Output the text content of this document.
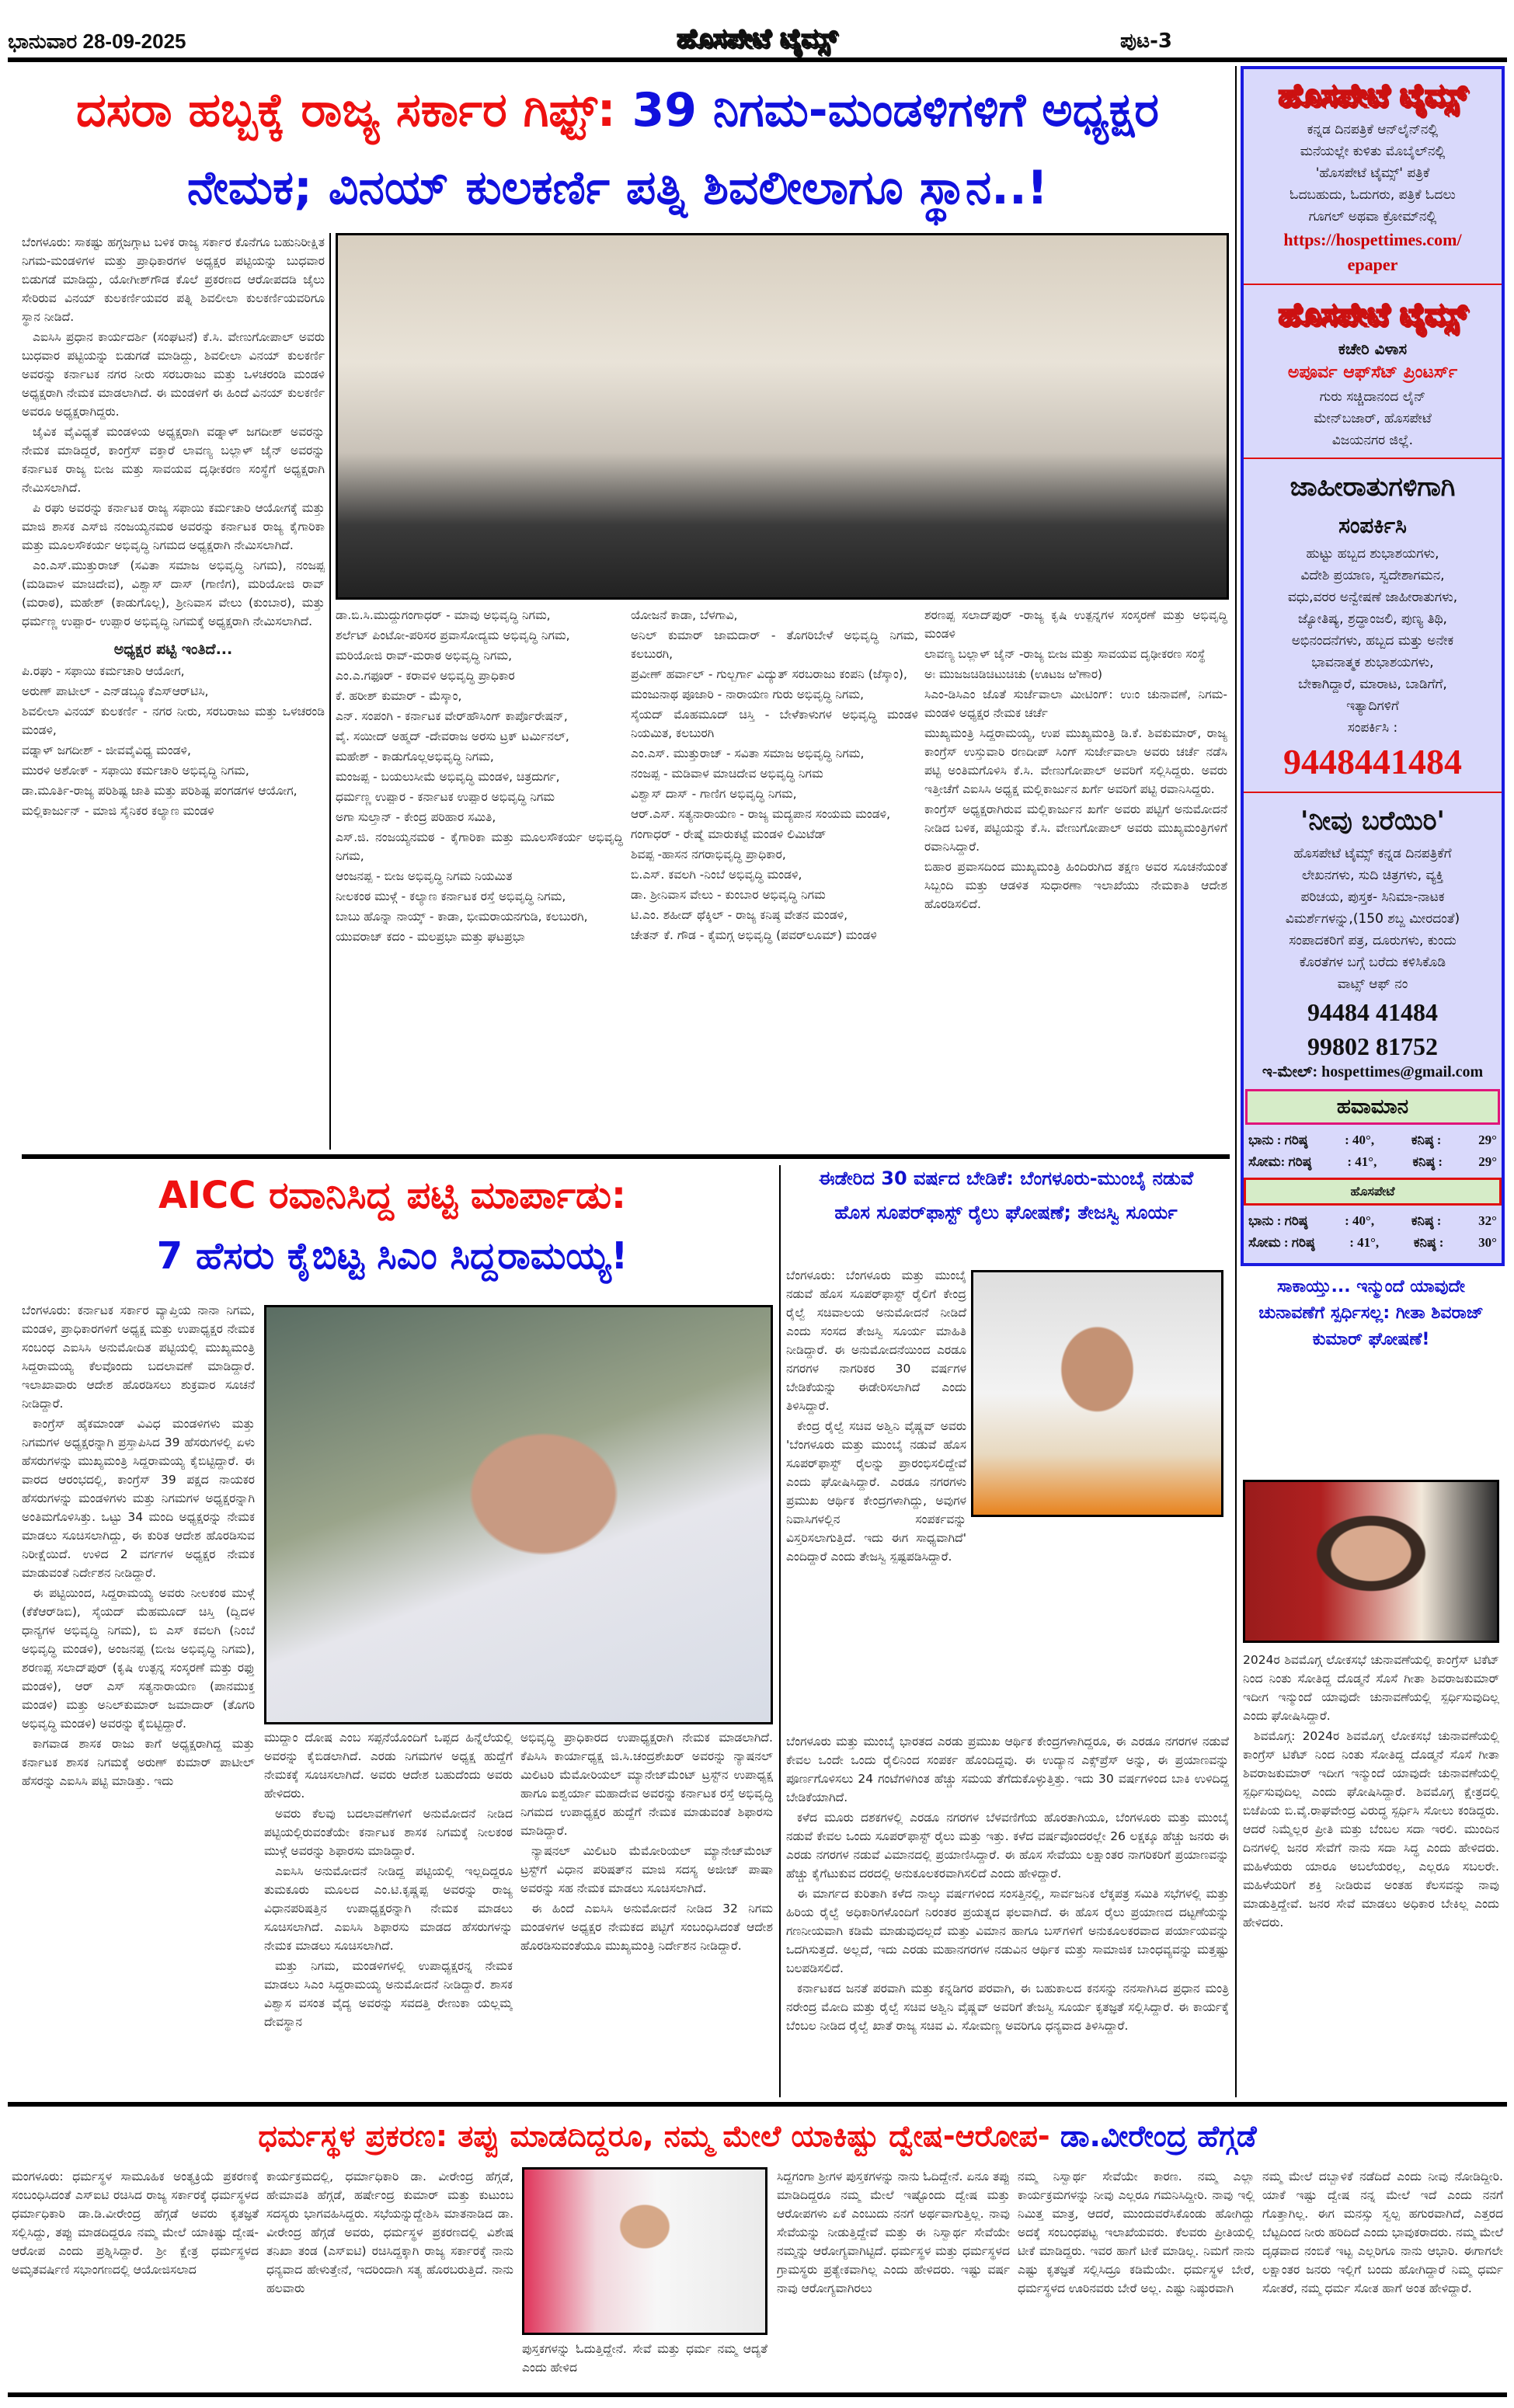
ಭಾನುವಾರ 28-09-2025	ಹೊಸಪೇಟೆ ಟೈಮ್ಸ್	ಪುಟ-3
ದಸರಾ ಹಬ್ಬಕ್ಕೆ ರಾಜ್ಯ ಸರ್ಕಾರ ಗಿಫ್ಟ್: 39 ನಿಗಮ-ಮಂಡಳಿಗಳಿಗೆ ಅಧ್ಯಕ್ಷರ
ನೇಮಕ; ವಿನಯ್ ಕುಲಕರ್ಣಿ ಪತ್ನಿ ಶಿವಲೀಲಾಗೂ ಸ್ಥಾನ..!

ಬೆಂಗಳೂರು: ಸಾಕಷ್ಟು ಹಗ್ಗಜಗ್ಗಾಟ ಬಳಿಕ ರಾಜ್ಯ ಸರ್ಕಾರ ಕೊನೆಗೂ ಬಹುನಿರೀಕ್ಷಿತ ನಿಗಮ-ಮಂಡಳಿಗಳ ಮತ್ತು ಪ್ರಾಧಿಕಾರಗಳ ಅಧ್ಯಕ್ಷರ ಪಟ್ಟಿಯನ್ನು ಬುಧವಾರ ಬಿಡುಗಡೆ ಮಾಡಿದ್ದು, ಯೋಗೀಶ್‌ಗೌಡ ಕೊಲೆ ಪ್ರಕರಣದ ಆರೋಪದಡಿ ಜೈಲು ಸೇರಿರುವ ವಿನಯ್ ಕುಲಕರ್ಣಿಯವರ ಪತ್ನಿ ಶಿವಲೀಲಾ ಕುಲಕರ್ಣಿಯವರಿಗೂ ಸ್ಥಾನ ನೀಡಿದೆ.

ಎಐಸಿಸಿ ಪ್ರಧಾನ ಕಾರ್ಯದರ್ಶಿ (ಸಂಘಟನೆ) ಕೆ.ಸಿ. ವೇಣುಗೋಪಾಲ್ ಅವರು ಬುಧವಾರ ಪಟ್ಟಿಯನ್ನು ಬಿಡುಗಡೆ ಮಾಡಿದ್ದು, ಶಿವಲೀಲಾ ವಿನಯ್ ಕುಲಕರ್ಣಿ ಅವರನ್ನು ಕರ್ನಾಟಕ ನಗರ ನೀರು ಸರಬರಾಜು ಮತ್ತು ಒಳಚರಂಡಿ ಮಂಡಳಿ ಅಧ್ಯಕ್ಷರಾಗಿ ನೇಮಕ ಮಾಡಲಾಗಿದೆ. ಈ ಮಂಡಳಿಗೆ ಈ ಹಿಂದೆ ವಿನಯ್ ಕುಲಕರ್ಣಿ ಅವರೂ ಅಧ್ಯಕ್ಷರಾಗಿದ್ದರು.

ಜೈವಿಕ ವೈವಿಧ್ಯತೆ ಮಂಡಳಿಯ ಅಧ್ಯಕ್ಷರಾಗಿ ವಡ್ನಾಳ್ ಜಗದೀಶ್ ಅವರನ್ನು ನೇಮಕ ಮಾಡಿದ್ದರೆ, ಕಾಂಗ್ರೆಸ್ ವಕ್ತಾರೆ ಲಾವಣ್ಯ ಬಲ್ಲಾಳ್ ಜೈನ್ ಅವರನ್ನು ಕರ್ನಾಟಕ ರಾಜ್ಯ ಬೀಜ ಮತ್ತು ಸಾವಯವ ದೃಢೀಕರಣ ಸಂಸ್ಥೆಗೆ ಅಧ್ಯಕ್ಷರಾಗಿ ನೇಮಿಸಲಾಗಿದೆ.

ಪಿ ರಘು ಅವರನ್ನು ಕರ್ನಾಟಕ ರಾಜ್ಯ ಸಫಾಯಿ ಕರ್ಮಚಾರಿ ಆಯೋಗಕ್ಕೆ ಮತ್ತು ಮಾಜಿ ಶಾಸಕ ಎಸ್‌ಜಿ ನಂಜಯ್ಯನಮಠ ಅವರನ್ನು ಕರ್ನಾಟಕ ರಾಜ್ಯ ಕೈಗಾರಿಕಾ ಮತ್ತು ಮೂಲಸೌಕರ್ಯ ಅಭಿವೃದ್ಧಿ ನಿಗಮದ ಅಧ್ಯಕ್ಷರಾಗಿ ನೇಮಿಸಲಾಗಿದೆ.

ಎಂ.ಎಸ್.ಮುತ್ತುರಾಜ್ (ಸವಿತಾ ಸಮಾಜ ಅಭಿವೃದ್ಧಿ ನಿಗಮ), ನಂಜಪ್ಪ (ಮಡಿವಾಳ ಮಾಚಿದೇವ), ವಿಶ್ವಾಸ್ ದಾಸ್ (ಗಾಣಿಗ), ಮರಿಯೋಜಿ ರಾವ್ (ಮರಾಠ), ಮಹೇಶ್ (ಕಾಡುಗೊಲ್ಲ), ಶ್ರೀನಿವಾಸ ವೇಲು (ಕುಂಬಾರ), ಮತ್ತು ಧರ್ಮಣ್ಣ ಉಪ್ಪಾರ- ಉಪ್ಪಾರ ಅಭಿವೃದ್ಧಿ ನಿಗಮಕ್ಕೆ ಅಧ್ಯಕ್ಷರಾಗಿ ನೇಮಿಸಲಾಗಿದೆ.

ಅಧ್ಯಕ್ಷರ ಪಟ್ಟಿ ಇಂತಿದೆ...

ಪಿ.ರಘು - ಸಫಾಯಿ ಕರ್ಮಚಾರಿ ಆಯೋಗ,

ಅರುಣ್ ಪಾಟೀಲ್ - ಎನ್‌ಡಬ್ಲ್ಯೂಕೆಎಸ್‌ಆರ್‌ಟಿಸಿ,

ಶಿವಲೀಲಾ ವಿನಯ್ ಕುಲಕರ್ಣಿ - ನಗರ ನೀರು, ಸರಬರಾಜು ಮತ್ತು ಒಳಚರಂಡಿ ಮಂಡಳಿ,

ವಡ್ನಾಳ್ ಜಗದೀಶ್ - ಜೀವವೈವಿಧ್ಯ ಮಂಡಳಿ,

ಮುರಳಿ ಅಶೋಕ್ - ಸಫಾಯಿ ಕರ್ಮಚಾರಿ ಅಭಿವೃದ್ಧಿ ನಿಗಮ,

ಡಾ.ಮೂರ್ತಿ-ರಾಜ್ಯ ಪರಿಶಿಷ್ಟ ಜಾತಿ ಮತ್ತು ಪರಿಶಿಷ್ಟ ಪಂಗಡಗಳ ಆಯೋಗ,

ಮಲ್ಲಿಕಾರ್ಜುನ್ - ಮಾಜಿ ಸೈನಿಕರ ಕಲ್ಯಾಣ ಮಂಡಳಿ

ಡಾ.ಬಿ.ಸಿ.ಮುದ್ದುಗಂಗಾಧರ್ - ಮಾವು ಅಭಿವೃದ್ಧಿ ನಿಗಮ,

ಶರ್ಲೆಟ್ ಪಿಂಟೋ-ಪರಿಸರ ಪ್ರವಾಸೋದ್ಯಮ ಅಭಿವೃದ್ಧಿ ನಿಗಮ,

ಮರಿಯೋಜಿ ರಾವ್-ಮರಾಠ ಅಭಿವೃದ್ಧಿ ನಿಗಮ,

ಎಂ.ಎ.ಗಫೂರ್ - ಕರಾವಳಿ ಅಭಿವೃದ್ಧಿ ಪ್ರಾಧಿಕಾರ

ಕೆ. ಹರೀಶ್ ಕುಮಾರ್ - ಮೆಸ್ಕಾಂ,

ಎನ್. ಸಂಪಂಗಿ - ಕರ್ನಾಟಕ ವೇರ್‌ಹೌಸಿಂಗ್ ಕಾರ್ಪೊರೇಷನ್,

ವೈ. ಸಯೀದ್ ಅಹ್ಮದ್ -ದೇವರಾಜ ಅರಸು ಟ್ರಕ್ ಟರ್ಮಿನಲ್,

ಮಹೇಶ್ - ಕಾಡುಗೊಲ್ಲಅಭಿವೃದ್ಧಿ ನಿಗಮ,

ಮಂಜಪ್ಪ - ಬಯಲುಸೀಮೆ ಅಭಿವೃದ್ಧಿ ಮಂಡಳಿ, ಚಿತ್ರದುರ್ಗ,

ಧರ್ಮಣ್ಣ ಉಪ್ಪಾರ - ಕರ್ನಾಟಕ ಉಪ್ಪಾರ ಅಭಿವೃದ್ಧಿ ನಿಗಮ

ಅಗಾ ಸುಲ್ತಾನ್ - ಕೇಂದ್ರ ಪರಿಹಾರ ಸಮಿತಿ,

ಎಸ್.ಜಿ. ನಂಜಯ್ಯನಮಠ - ಕೈಗಾರಿಕಾ ಮತ್ತು ಮೂಲಸೌಕರ್ಯ ಅಭಿವೃದ್ಧಿ ನಿಗಮ,

ಆಂಜನಪ್ಪ - ಬೀಜ ಅಭಿವೃದ್ಧಿ ನಿಗಮ ನಿಯಮಿತ

ನೀಲಕಂಠ ಮುಳ್ಗೆ - ಕಲ್ಯಾಣ ಕರ್ನಾಟಕ ರಸ್ತೆ ಅಭಿವೃದ್ಧಿ ನಿಗಮ,

ಬಾಬು ಹೊನ್ನಾ ನಾಯ್ಕ್ - ಕಾಡಾ, ಭೀಮರಾಯನಗುಡಿ, ಕಲಬುರಗಿ,

ಯುವರಾಜ್ ಕದಂ - ಮಲಪ್ರಭಾ ಮತ್ತು ಘಟಪ್ರಭಾ

ಯೋಜನೆ ಕಾಡಾ, ಬೆಳಗಾವಿ,

ಅನಿಲ್ ಕುಮಾರ್ ಜಾಮದಾರ್ - ತೊಗರಿಬೇಳೆ ಅಭಿವೃದ್ಧಿ ನಿಗಮ, ಕಲಬುರಗಿ,

ಪ್ರವೀಣ್ ಹರ್ವಾಲ್ - ಗುಲ್ಬರ್ಗಾ ವಿದ್ಯುತ್ ಸರಬರಾಜು ಕಂಪನಿ (ಜೆಸ್ಕಾಂ),

ಮಂಜುನಾಥ ಪೂಜಾರಿ - ನಾರಾಯಣ ಗುರು ಅಭಿವೃದ್ಧಿ ನಿಗಮ,

ಸೈಯದ್ ಮೊಹಮೂದ್ ಚಿಸ್ತಿ - ಬೇಳೆಕಾಳುಗಳ ಅಭಿವೃದ್ಧಿ ಮಂಡಳಿ ನಿಯಮಿತ, ಕಲಬುರಗಿ

ಎಂ.ಎಸ್. ಮುತ್ತುರಾಜ್ - ಸವಿತಾ ಸಮಾಜ ಅಭಿವೃದ್ಧಿ ನಿಗಮ,

ನಂಜಪ್ಪ - ಮಡಿವಾಳ ಮಾಚಿದೇವ ಅಭಿವೃದ್ಧಿ ನಿಗಮ

ವಿಶ್ವಾಸ್ ದಾಸ್ - ಗಾಣಿಗ ಅಭಿವೃದ್ಧಿ ನಿಗಮ,

ಆರ್.ಎಸ್. ಸತ್ಯನಾರಾಯಣ - ರಾಜ್ಯ ಮದ್ಯಪಾನ ಸಂಯಮ ಮಂಡಳಿ,

ಗಂಗಾಧರ್ - ರೇಷ್ಮೆ ಮಾರುಕಟ್ಟೆ ಮಂಡಳಿ ಲಿಮಿಟೆಡ್

ಶಿವಪ್ಪ -ಹಾಸನ ನಗರಾಭಿವೃದ್ಧಿ ಪ್ರಾಧಿಕಾರ,

ಬಿ.ಎಸ್. ಕವಲಗಿ -ನಿಂಬೆ ಅಭಿವೃದ್ಧಿ ಮಂಡಳಿ,

ಡಾ. ಶ್ರೀನಿವಾಸ ವೇಲು - ಕುಂಬಾರ ಅಭಿವೃದ್ಧಿ ನಿಗಮ

ಟಿ.ಎಂ. ಶಹೀದ್ ಥೆಕ್ಕಿಲ್ - ರಾಜ್ಯ ಕನಿಷ್ಠ ವೇತನ ಮಂಡಳಿ,

ಚೇತನ್ ಕೆ. ಗೌಡ - ಕೈಮಗ್ಗ ಅಭಿವೃದ್ಧಿ (ಪವರ್‌ಲೂಮ್) ಮಂಡಳಿ

ಶರಣಪ್ಪ ಸಲಾದ್‌ಪುರ್ -ರಾಜ್ಯ ಕೃಷಿ ಉತ್ಪನ್ನಗಳ ಸಂಸ್ಕರಣೆ ಮತ್ತು ಅಭಿವೃದ್ಧಿ ಮಂಡಳಿ

ಲಾವಣ್ಯ ಬಲ್ಲಾಳ್ ಜೈನ್ -ರಾಜ್ಯ ಬೀಜ ಮತ್ತು ಸಾವಯವ ದೃಢೀಕರಣ ಸಂಸ್ಥೆ

ಅಃ ಮುಜಜಚಿಡಿಚಿಟುಚಿಚು (ಊಟಜ ಱಿಣಾರ)

ಸಿಎಂ-ಡಿಸಿಎಂ ಜೊತೆ ಸುರ್ಜೆವಾಲಾ ಮೀಟಿಂಗ್: ಉಃಂ ಚುನಾವಣೆ, ನಿಗಮ-ಮಂಡಳಿ ಅಧ್ಯಕ್ಷರ ನೇಮಕ ಚರ್ಚೆ

ಮುಖ್ಯಮಂತ್ರಿ ಸಿದ್ದರಾಮಯ್ಯ, ಉಪ ಮುಖ್ಯಮಂತ್ರಿ ಡಿ.ಕೆ. ಶಿವಕುಮಾರ್, ರಾಜ್ಯ ಕಾಂಗ್ರೆಸ್ ಉಸ್ತುವಾರಿ ರಣದೀಪ್ ಸಿಂಗ್ ಸುರ್ಜೇವಾಲಾ ಅವರು ಚರ್ಚೆ ನಡೆಸಿ ಪಟ್ಟಿ ಅಂತಿಮಗೊಳಿಸಿ ಕೆ.ಸಿ. ವೇಣುಗೋಪಾಲ್ ಅವರಿಗೆ ಸಲ್ಲಿಸಿದ್ದರು. ಅವರು ಇತ್ತೀಚೆಗೆ ಎಐಸಿಸಿ ಅಧ್ಯಕ್ಷ ಮಲ್ಲಿಕಾರ್ಜುನ ಖರ್ಗೆ ಅವರಿಗೆ ಪಟ್ಟಿ ರವಾನಿಸಿದ್ದರು.

ಕಾಂಗ್ರೆಸ್ ಅಧ್ಯಕ್ಷರಾಗಿರುವ ಮಲ್ಲಿಕಾರ್ಜುನ ಖರ್ಗೆ ಅವರು ಪಟ್ಟಿಗೆ ಅನುಮೋದನೆ ನೀಡಿದ ಬಳಿಕ, ಪಟ್ಟಿಯನ್ನು ಕೆ.ಸಿ. ವೇಣುಗೋಪಾಲ್ ಅವರು ಮುಖ್ಯಮಂತ್ರಿಗಳಿಗೆ ರವಾನಿಸಿದ್ದಾರೆ.

ಬಿಹಾರ ಪ್ರವಾಸದಿಂದ ಮುಖ್ಯಮಂತ್ರಿ ಹಿಂದಿರುಗಿದ ತಕ್ಷಣ ಅವರ ಸೂಚನೆಯಂತೆ ಸಿಬ್ಬಂದಿ ಮತ್ತು ಆಡಳಿತ ಸುಧಾರಣಾ ಇಲಾಖೆಯು ನೇಮಕಾತಿ ಆದೇಶ ಹೊರಡಿಸಲಿದೆ.

AICC ರವಾನಿಸಿದ್ದ ಪಟ್ಟಿ ಮಾರ್ಪಾಡು:
7 ಹೆಸರು ಕೈಬಿಟ್ಟ ಸಿಎಂ ಸಿದ್ದರಾಮಯ್ಯ!

ಬೆಂಗಳೂರು: ಕರ್ನಾಟಕ ಸರ್ಕಾರ ವ್ಯಾಪ್ತಿಯ ನಾನಾ ನಿಗಮ, ಮಂಡಳಿ, ಪ್ರಾಧಿಕಾರಗಳಿಗೆ ಅಧ್ಯಕ್ಷ ಮತ್ತು ಉಪಾಧ್ಯಕ್ಷರ ನೇಮಕ ಸಂಬಂಧ ಎಐಸಿಸಿ ಅನುಮೋದಿತ ಪಟ್ಟಿಯಲ್ಲಿ ಮುಖ್ಯಮಂತ್ರಿ ಸಿದ್ದರಾಮಯ್ಯ ಕೆಲವೊಂದು ಬದಲಾವಣೆ ಮಾಡಿದ್ದಾರೆ. ಇಲಾಖಾವಾರು ಆದೇಶ ಹೊರಡಿಸಲು ಶುಕ್ರವಾರ ಸೂಚನೆ ನೀಡಿದ್ದಾರೆ.

ಕಾಂಗ್ರೆಸ್ ಹೈಕಮಾಂಡ್ ವಿವಿಧ ಮಂಡಳಿಗಳು ಮತ್ತು ನಿಗಮಗಳ ಅಧ್ಯಕ್ಷರನ್ನಾಗಿ ಪ್ರಸ್ತಾಪಿಸಿದ 39 ಹೆಸರುಗಳಲ್ಲಿ ಏಳು ಹೆಸರುಗಳನ್ನು ಮುಖ್ಯಮಂತ್ರಿ ಸಿದ್ದರಾಮಯ್ಯ ಕೈಬಿಟ್ಟಿದ್ದಾರೆ. ಈ ವಾರದ ಆರಂಭದಲ್ಲಿ, ಕಾಂಗ್ರೆಸ್ 39 ಪಕ್ಷದ ನಾಯಕರ ಹೆಸರುಗಳನ್ನು ಮಂಡಳಿಗಳು ಮತ್ತು ನಿಗಮಗಳ ಅಧ್ಯಕ್ಷರನ್ನಾಗಿ ಅಂತಿಮಗೊಳಿಸಿತ್ತು. ಒಟ್ಟು 34 ಮಂದಿ ಅಧ್ಯಕ್ಷರನ್ನು ನೇಮಕ ಮಾಡಲು ಸೂಚಿಸಲಾಗಿದ್ದು, ಈ ಕುರಿತ ಆದೇಶ ಹೊರಡಿಸುವ ನಿರೀಕ್ಷೆಯಿದೆ. ಉಳಿದ 2 ವರ್ಗಗಳ ಅಧ್ಯಕ್ಷರ ನೇಮಕ ಮಾಡುವಂತೆ ನಿರ್ದೇಶನ ನೀಡಿದ್ದಾರೆ.

ಈ ಪಟ್ಟಿಯಿಂದ, ಸಿದ್ದರಾಮಯ್ಯ ಅವರು ನೀಲಕಂಠ ಮುಳ್ಗೆ (ಕೆಕೆಆರ್‌ಡಿಬಿ), ಸೈಯದ್ ಮೆಹಮೂದ್ ಚಿಸ್ತಿ (ದ್ವಿದಳ ಧಾನ್ಯಗಳ ಅಭಿವೃದ್ಧಿ ನಿಗಮ), ಬಿ ಎಸ್ ಕವಲಗಿ (ನಿಂಬೆ ಅಭಿವೃದ್ಧಿ ಮಂಡಳಿ), ಅಂಜನಪ್ಪ (ಬೀಜ ಅಭಿವೃದ್ಧಿ ನಿಗಮ), ಶರಣಪ್ಪ ಸಲಾದ್‌ಪುರ್ (ಕೃಷಿ ಉತ್ಪನ್ನ ಸಂಸ್ಕರಣೆ ಮತ್ತು ರಫ್ತು ಮಂಡಳಿ), ಆರ್ ಎಸ್ ಸತ್ಯನಾರಾಯಣ (ಪಾನಮುಕ್ತ ಮಂಡಳಿ) ಮತ್ತು ಅನಿಲ್‌ಕುಮಾರ್ ಜಮಾದಾರ್ (ತೊಗರಿ ಅಭಿವೃದ್ಧಿ ಮಂಡಳಿ) ಅವರನ್ನು ಕೈಬಿಟ್ಟಿದ್ದಾರೆ.

ಕಾಗವಾಡ ಶಾಸಕ ರಾಜು ಕಾಗೆ ಅಧ್ಯಕ್ಷರಾಗಿದ್ದ ಮತ್ತು ಕರ್ನಾಟಕ ಶಾಸಕ ನಿಗಮಕ್ಕೆ ಅರುಣ್ ಕುಮಾರ್ ಪಾಟೀಲ್ ಹೆಸರನ್ನು ಎಐಸಿಸಿ ಪಟ್ಟಿ ಮಾಡಿತ್ತು. ಇದು

ಮುದ್ದಾಂ ದೋಷ ಎಂಬ ಸಪ್ಪನೆಯೊಂದಿಗೆ ಒಪ್ಪದ ಹಿನ್ನೆಲೆಯಲ್ಲಿ ಅವರನ್ನು ಕೈಬಿಡಲಾಗಿದೆ. ಎರಡು ನಿಗಮಗಳ ಅಧ್ಯಕ್ಷ ಹುದ್ದೆಗೆ ನೇಮಕಕ್ಕೆ ಸೂಚಿಸಲಾಗಿದೆ. ಅವರು ಆದೇಶ ಬಹುದೆಂದು ಅವರು ಹೇಳಿದರು.

ಅವರು ಕೆಲವು ಬದಲಾವಣೆಗಳಿಗೆ ಅನುಮೋದನೆ ನೀಡಿದ ಪಟ್ಟಿಯಲ್ಲಿರುವಂತೆಯೇ ಕರ್ನಾಟಕ ಶಾಸಕ ನಿಗಮಕ್ಕೆ ನೀಲಕಂಠ ಮುಳ್ಗೆ ಅವರನ್ನು ಶಿಫಾರಸು ಮಾಡಿದ್ದಾರೆ.

ಎಐಸಿಸಿ ಅನುಮೋದನೆ ನೀಡಿದ್ದ ಪಟ್ಟಿಯಲ್ಲಿ ಇಲ್ಲದಿದ್ದರೂ ತುಮಕೂರು ಮೂಲದ ಎಂ.ಟಿ.ಕೃಷ್ಣಪ್ಪ ಅವರನ್ನು ರಾಜ್ಯ ವಿಧಾನಪರಿಷತ್ತಿನ ಉಪಾಧ್ಯಕ್ಷರನ್ನಾಗಿ ನೇಮಕ ಮಾಡಲು ಸೂಚಿಸಲಾಗಿದೆ. ಎಐಸಿಸಿ ಶಿಫಾರಸು ಮಾಡದ ಹೆಸರುಗಳನ್ನು ನೇಮಕ ಮಾಡಲು ಸೂಚಿಸಲಾಗಿದೆ.

ಮತ್ತು ನಿಗಮ, ಮಂಡಳಿಗಳಲ್ಲಿ ಉಪಾಧ್ಯಕ್ಷರನ್ನ ನೇಮಕ ಮಾಡಲು ಸಿಎಂ ಸಿದ್ದರಾಮಯ್ಯ ಅನುಮೋದನೆ ನೀಡಿದ್ದಾರೆ. ಶಾಸಕ ವಿಶ್ವಾಸ ವಸಂತ ವೈದ್ಯ ಅವರನ್ನು ಸವದತ್ತಿ ರೇಣುಕಾ ಯಲ್ಲಮ್ಮ ದೇವಸ್ಥಾನ

ಅಭಿವೃದ್ಧಿ ಪ್ರಾಧಿಕಾರದ ಉಪಾಧ್ಯಕ್ಷರಾಗಿ ನೇಮಕ ಮಾಡಲಾಗಿದೆ. ಕೆಪಿಸಿಸಿ ಕಾರ್ಯಾಧ್ಯಕ್ಷ ಜಿ.ಸಿ.ಚಂದ್ರಶೇಖರ್ ಅವರನ್ನು ನ್ಯಾಷನಲ್ ಮಿಲಿಟರಿ ಮೆಮೋರಿಯಲ್ ಮ್ಯಾನೇಜ್‌ಮೆಂಟ್ ಟ್ರಸ್ಟ್‌ನ ಉಪಾಧ್ಯಕ್ಷ ಹಾಗೂ ಐಶ್ವರ್ಯಾ ಮಹಾದೇವ ಅವರನ್ನು ಕರ್ನಾಟಕ ರಸ್ತೆ ಅಭಿವೃದ್ಧಿ ನಿಗಮದ ಉಪಾಧ್ಯಕ್ಷರ ಹುದ್ದೆಗೆ ನೇಮಕ ಮಾಡುವಂತೆ ಶಿಫಾರಸು ಮಾಡಿದ್ದಾರೆ.

ನ್ಯಾಷನಲ್ ಮಿಲಿಟರಿ ಮೆಮೋರಿಯಲ್ ಮ್ಯಾನೇಜ್‌ಮೆಂಟ್ ಟ್ರಸ್ಟ್‌ಗೆ ವಿಧಾನ ಪರಿಷತ್‌ನ ಮಾಜಿ ಸದಸ್ಯ ಅಜೀಜ್ ಪಾಷಾ ಅವರನ್ನು ಸಹ ನೇಮಕ ಮಾಡಲು ಸೂಚಿಸಲಾಗಿದೆ.

ಈ ಹಿಂದೆ ಎಐಸಿಸಿ ಅನುಮೋದನೆ ನೀಡಿದ 32 ನಿಗಮ ಮಂಡಳಿಗಳ ಅಧ್ಯಕ್ಷರ ನೇಮಕದ ಪಟ್ಟಿಗೆ ಸಂಬಂಧಿಸಿದಂತೆ ಆದೇಶ ಹೊರಡಿಸುವಂತೆಯೂ ಮುಖ್ಯಮಂತ್ರಿ ನಿರ್ದೇಶನ ನೀಡಿದ್ದಾರೆ.

ಈಡೇರಿದ 30 ವರ್ಷದ ಬೇಡಿಕೆ: ಬೆಂಗಳೂರು-ಮುಂಬೈ ನಡುವೆ
ಹೊಸ ಸೂಪರ್‌ಫಾಸ್ಟ್ ರೈಲು ಘೋಷಣೆ; ತೇಜಸ್ವಿ ಸೂರ್ಯ

ಬೆಂಗಳೂರು: ಬೆಂಗಳೂರು ಮತ್ತು ಮುಂಬೈ ನಡುವೆ ಹೊಸ ಸೂಪರ್‌ಫಾಸ್ಟ್ ರೈಲಿಗೆ ಕೇಂದ್ರ ರೈಲ್ವೆ ಸಚಿವಾಲಯ ಅನುಮೋದನೆ ನೀಡಿದೆ ಎಂದು ಸಂಸದ ತೇಜಸ್ವಿ ಸೂರ್ಯ ಮಾಹಿತಿ ನೀಡಿದ್ದಾರೆ. ಈ ಅನುಮೋದನೆಯಿಂದ ಎರಡೂ ನಗರಗಳ ನಾಗರಿಕರ 30 ವರ್ಷಗಳ ಬೇಡಿಕೆಯನ್ನು ಈಡೇರಿಸಲಾಗಿದೆ ಎಂದು ತಿಳಿಸಿದ್ದಾರೆ.

ಕೇಂದ್ರ ರೈಲ್ವೆ ಸಚಿವ ಅಶ್ವಿನಿ ವೈಷ್ಣವ್ ಅವರು 'ಬೆಂಗಳೂರು ಮತ್ತು ಮುಂಬೈ ನಡುವೆ ಹೊಸ ಸೂಪರ್‌ಫಾಸ್ಟ್ ರೈಲನ್ನು ಪ್ರಾರಂಭಿಸಲಿದ್ದೇವೆ ಎಂದು ಘೋಷಿಸಿದ್ದಾರೆ. ಎರಡೂ ನಗರಗಳು ಪ್ರಮುಖ ಆರ್ಥಿಕ ಕೇಂದ್ರಗಳಾಗಿದ್ದು, ಅವುಗಳ ನಿವಾಸಿಗಳಲ್ಲಿನ ಸಂಪರ್ಕವನ್ನು ವಿಸ್ತರಿಸಲಾಗುತ್ತಿದೆ. ಇದು ಈಗ ಸಾಧ್ಯವಾಗಿದೆ' ಎಂದಿದ್ದಾರೆ ಎಂದು ತೇಜಸ್ವಿ ಸ್ಪಷ್ಟಪಡಿಸಿದ್ದಾರೆ.

ಬೆಂಗಳೂರು ಮತ್ತು ಮುಂಬೈ ಭಾರತದ ಎರಡು ಪ್ರಮುಖ ಆರ್ಥಿಕ ಕೇಂದ್ರಗಳಾಗಿದ್ದರೂ, ಈ ಎರಡೂ ನಗರಗಳ ನಡುವೆ ಕೇವಲ ಒಂದೇ ಒಂದು ರೈಲಿನಿಂದ ಸಂಪರ್ಕ ಹೊಂದಿದ್ದವು. ಈ ಉದ್ಯಾನ ಎಕ್ಸ್‌ಪ್ರೆಸ್ ಅನ್ನು, ಈ ಪ್ರಯಾಣವನ್ನು ಪೂರ್ಣಗೊಳಿಸಲು 24 ಗಂಟೆಗಳಿಗಿಂತ ಹೆಚ್ಚು ಸಮಯ ತೆಗೆದುಕೊಳ್ಳುತ್ತಿತ್ತು. ಇದು 30 ವರ್ಷಗಳಿಂದ ಬಾಕಿ ಉಳಿದಿದ್ದ ಬೇಡಿಕೆಯಾಗಿದೆ.

ಕಳೆದ ಮೂರು ದಶಕಗಳಲ್ಲಿ ಎರಡೂ ನಗರಗಳ ಬೆಳವಣಿಗೆಯ ಹೊರತಾಗಿಯೂ, ಬೆಂಗಳೂರು ಮತ್ತು ಮುಂಬೈ ನಡುವೆ ಕೇವಲ ಒಂದು ಸೂಪರ್‌ಫಾಸ್ಟ್ ರೈಲು ಮತ್ತು ಇತ್ತು. ಕಳೆದ ವರ್ಷವೊಂದರಲ್ಲೇ 26 ಲಕ್ಷಕ್ಕೂ ಹೆಚ್ಚು ಜನರು ಈ ಎರಡು ನಗರಗಳ ನಡುವೆ ವಿಮಾನದಲ್ಲಿ ಪ್ರಯಾಣಿಸಿದ್ದಾರೆ. ಈ ಹೊಸ ಸೇವೆಯು ಲಕ್ಷಾಂತರ ನಾಗರಿಕರಿಗೆ ಪ್ರಯಾಣವನ್ನು ಹೆಚ್ಚು ಕೈಗೆಟುಕುವ ದರದಲ್ಲಿ ಅನುಕೂಲಕರವಾಗಿಸಲಿದೆ ಎಂದು ಹೇಳಿದ್ದಾರೆ.

ಈ ಮಾರ್ಗದ ಕುರಿತಾಗಿ ಕಳೆದ ನಾಲ್ಕು ವರ್ಷಗಳಿಂದ ಸಂಸತ್ತಿನಲ್ಲಿ, ಸಾರ್ವಜನಿಕ ಲೆಕ್ಕಪತ್ರ ಸಮಿತಿ ಸಭೆಗಳಲ್ಲಿ ಮತ್ತು ಹಿರಿಯ ರೈಲ್ವೆ ಅಧಿಕಾರಿಗಳೊಂದಿಗೆ ನಿರಂತರ ಪ್ರಯತ್ನದ ಫಲವಾಗಿದೆ. ಈ ಹೊಸ ರೈಲು ಪ್ರಯಾಣದ ದಟ್ಟಣೆಯನ್ನು ಗಣನೀಯವಾಗಿ ಕಡಿಮೆ ಮಾಡುವುದಲ್ಲದೆ ಮತ್ತು ವಿಮಾನ ಹಾಗೂ ಬಸ್‌ಗಳಿಗೆ ಅನುಕೂಲಕರವಾದ ಪರ್ಯಾಯವನ್ನು ಒದಗಿಸುತ್ತದೆ. ಅಲ್ಲದೆ, ಇದು ಎರಡು ಮಹಾನಗರಗಳ ನಡುವಿನ ಆರ್ಥಿಕ ಮತ್ತು ಸಾಮಾಜಿಕ ಬಾಂಧವ್ಯವನ್ನು ಮತ್ತಷ್ಟು ಬಲಪಡಿಸಲಿದೆ.

ಕರ್ನಾಟಕದ ಜನತೆ ಪರವಾಗಿ ಮತ್ತು ಕನ್ನಡಿಗರ ಪರವಾಗಿ, ಈ ಬಹುಕಾಲದ ಕನಸನ್ನು ನನಸಾಗಿಸಿದ ಪ್ರಧಾನ ಮಂತ್ರಿ ನರೇಂದ್ರ ಮೋದಿ ಮತ್ತು ರೈಲ್ವೆ ಸಚಿವ ಅಶ್ವಿನಿ ವೈಷ್ಣವ್ ಅವರಿಗೆ ತೇಜಸ್ವಿ ಸೂರ್ಯ ಕೃತಜ್ಞತೆ ಸಲ್ಲಿಸಿದ್ದಾರೆ. ಈ ಕಾರ್ಯಕ್ಕೆ ಬೆಂಬಲ ನೀಡಿದ ರೈಲ್ವೆ ಖಾತೆ ರಾಜ್ಯ ಸಚಿವ ವಿ. ಸೋಮಣ್ಣ ಅವರಿಗೂ ಧನ್ಯವಾದ ತಿಳಿಸಿದ್ದಾರೆ.

ಹೊಸಪೇಟೆ ಟೈಮ್ಸ್
ಕನ್ನಡ ದಿನಪತ್ರಿಕೆ ಆನ್‌ಲೈನ್‌ನಲ್ಲಿ
ಮನೆಯಲ್ಲೇ ಕುಳಿತು ಮೊಬೈಲ್‌ನಲ್ಲಿ
'ಹೊಸಪೇಟೆ ಟೈಮ್ಸ್' ಪತ್ರಿಕೆ
ಓದಬಹುದು, ಓದುಗರು, ಪತ್ರಿಕೆ ಓದಲು
ಗೂಗಲ್ ಅಥವಾ ಕ್ರೋಮ್‌ನಲ್ಲಿ
https://hospettimes.com/
epaper
ಹೊಸಪೇಟೆ ಟೈಮ್ಸ್
ಕಚೇರಿ ವಿಳಾಸ
ಅಪೂರ್ವ ಆಫ್‌ಸೆಟ್ ಪ್ರಿಂಟರ್ಸ್
ಗುರು ಸಚ್ಚಿದಾನಂದ ಲೈನ್
ಮೇನ್‌ಬಜಾರ್, ಹೊಸಪೇಟೆ
ವಿಜಯನಗರ ಜಿಲ್ಲೆ.
ಜಾಹೀರಾತುಗಳಿಗಾಗಿ
ಸಂಪರ್ಕಿಸಿ
ಹುಟ್ಟು ಹಬ್ಬದ ಶುಭಾಶಯಗಳು,
ವಿದೇಶಿ ಪ್ರಯಾಣ, ಸ್ವದೇಶಾಗಮನ,
ವಧು,ವರರ ಅನ್ವೇಷಣೆ ಜಾಹೀರಾತುಗಳು,
ಜ್ಯೋತಿಷ್ಯ, ಶ್ರದ್ಧಾಂಜಲಿ, ಪುಣ್ಯ ತಿಥಿ,
ಅಭಿನಂದನೆಗಳು, ಹಬ್ಬದ ಮತ್ತು ಅನೇಕ
ಭಾವನಾತ್ಮಕ ಶುಭಾಶಯಗಳು,
ಬೇಕಾಗಿದ್ದಾರೆ, ಮಾರಾಟ, ಬಾಡಿಗೆಗೆ,
ಇತ್ಯಾದಿಗಳಿಗೆ
ಸಂಪರ್ಕಿಸಿ :
9448441484
'ನೀವು ಬರೆಯಿರಿ'
ಹೊಸಪೇಟೆ ಟೈಮ್ಸ್ ಕನ್ನಡ ದಿನಪತ್ರಿಕೆಗೆ
ಲೇಖನಗಳು, ಸುದಿ ಚಿತ್ರಗಳು, ವ್ಯಕ್ತಿ
ಪರಿಚಯ, ಪುಸ್ತಕ- ಸಿನಿಮಾ-ನಾಟಕ
ವಿಮರ್ಶೆಗಳನ್ನು,(150 ಶಬ್ದ ಮೀರದಂತೆ)
ಸಂಪಾದಕರಿಗೆ ಪತ್ರ, ದೂರುಗಳು, ಕುಂದು
ಕೊರತೆಗಳ ಬಗ್ಗೆ ಬರೆದು ಕಳಿಸಿಕೊಡಿ
ವಾಟ್ಸ್ ಆಫ್ ನಂ
94484 41484
99802 81752
ಇ-ಮೇಲ್: hospettimes@gmail.com
ಹವಾಮಾನ
ಭಾನು : ಗರಿಷ್ಠ	: 40°,	ಕನಿಷ್ಠ :	29°
ಸೋಮ: ಗರಿಷ್ಠ	: 41°,	ಕನಿಷ್ಠ :	29°
ಹೊಸಪೇಟೆ
ಭಾನು : ಗರಿಷ್ಠ	: 40°,	ಕನಿಷ್ಠ :	32°
ಸೋಮ : ಗರಿಷ್ಠ	: 41°,	ಕನಿಷ್ಠ :	30°
ಸಾಕಾಯ್ತು... ಇನ್ಮುಂದೆ ಯಾವುದೇ ಚುನಾವಣೆಗೆ ಸ್ಪರ್ಧಿಸಲ್ಲ: ಗೀತಾ ಶಿವರಾಜ್ ಕುಮಾರ್ ಘೋಷಣೆ!

2024ರ ಶಿವಮೊಗ್ಗ ಲೋಕಸಭೆ ಚುನಾವಣೆಯಲ್ಲಿ ಕಾಂಗ್ರೆಸ್ ಟಿಕೆಟ್ ನಿಂದ ನಿಂತು ಸೋತಿದ್ದ ದೊಡ್ಮನೆ ಸೊಸೆ ಗೀತಾ ಶಿವರಾಜಕುಮಾರ್ ಇದೀಗ ಇನ್ಮುಂದೆ ಯಾವುದೇ ಚುನಾವಣೆಯಲ್ಲಿ ಸ್ಪರ್ಧಿಸುವುದಿಲ್ಲ ಎಂದು ಘೋಷಿಸಿದ್ದಾರೆ.

ಶಿವಮೊಗ್ಗ: 2024ರ ಶಿವಮೊಗ್ಗ ಲೋಕಸಭೆ ಚುನಾವಣೆಯಲ್ಲಿ ಕಾಂಗ್ರೆಸ್ ಟಿಕೆಟ್ ನಿಂದ ನಿಂತು ಸೋತಿದ್ದ ದೊಡ್ಮನೆ ಸೊಸೆ ಗೀತಾ ಶಿವರಾಜಕುಮಾರ್ ಇದೀಗ ಇನ್ಮುಂದೆ ಯಾವುದೇ ಚುನಾವಣೆಯಲ್ಲಿ ಸ್ಪರ್ಧಿಸುವುದಿಲ್ಲ ಎಂದು ಘೋಷಿಸಿದ್ದಾರೆ. ಶಿವಮೊಗ್ಗ ಕ್ಷೇತ್ರದಲ್ಲಿ ಬಿಜೆಪಿಯ ಬಿ.ವೈ.ರಾಘವೇಂದ್ರ ವಿರುದ್ಧ ಸ್ಪರ್ಧಿಸಿ ಸೋಲು ಕಂಡಿದ್ದರು. ಆದರೆ ನಿಮ್ಮೆಲ್ಲರ ಪ್ರೀತಿ ಮತ್ತು ಬೆಂಬಲ ಸದಾ ಇರಲಿ. ಮುಂದಿನ ದಿನಗಳಲ್ಲಿ ಜನರ ಸೇವೆಗೆ ನಾನು ಸದಾ ಸಿದ್ಧ ಎಂದು ಹೇಳಿದರು. ಮಹಿಳೆಯರು ಯಾರೂ ಅಬಲೆಯರಲ್ಲ, ಎಲ್ಲರೂ ಸಬಲರೇ. ಮಹಿಳೆಯರಿಗೆ ಶಕ್ತಿ ನೀಡಿರುವ ಅಂತಹ ಕೆಲಸವನ್ನು ನಾವು ಮಾಡುತ್ತಿದ್ದೇವೆ. ಜನರ ಸೇವೆ ಮಾಡಲು ಅಧಿಕಾರ ಬೇಕಿಲ್ಲ ಎಂದು ಹೇಳಿದರು.

ಧರ್ಮಸ್ಥಳ ಪ್ರಕರಣ: ತಪ್ಪು ಮಾಡದಿದ್ದರೂ, ನಮ್ಮ ಮೇಲೆ ಯಾಕಿಷ್ಟು ದ್ವೇಷ-ಆರೋಪ- ಡಾ.ವೀರೇಂದ್ರ ಹೆಗ್ಗಡೆ

ಮಂಗಳೂರು: ಧರ್ಮಸ್ಥಳ ಸಾಮೂಹಿಕ ಅಂತ್ಯಕ್ರಿಯೆ ಪ್ರಕರಣಕ್ಕೆ ಸಂಬಂಧಿಸಿದಂತೆ ಎಸ್‌ಐಟಿ ರಚಿಸಿದ ರಾಜ್ಯ ಸರ್ಕಾರಕ್ಕೆ ಧರ್ಮಸ್ಥಳದ ಧರ್ಮಾಧಿಕಾರಿ ಡಾ.ಡಿ.ವೀರೇಂದ್ರ ಹೆಗ್ಗಡೆ ಅವರು ಕೃತಜ್ಞತೆ ಸಲ್ಲಿಸಿದ್ದು, ತಪ್ಪು ಮಾಡದಿದ್ದರೂ ನಮ್ಮ ಮೇಲೆ ಯಾಕಿಷ್ಟು ದ್ವೇಷ-ಆರೋಪ ಎಂದು ಪ್ರಶ್ನಿಸಿದ್ದಾರೆ. ಶ್ರೀ ಕ್ಷೇತ್ರ ಧರ್ಮಸ್ಥಳದ ಅಮೃತವರ್ಷಿಣಿ ಸಭಾಂಗಣದಲ್ಲಿ ಆಯೋಜಿಸಲಾದ

ಕಾರ್ಯಕ್ರಮದಲ್ಲಿ, ಧರ್ಮಾಧಿಕಾರಿ ಡಾ. ವೀರೇಂದ್ರ ಹೆಗ್ಗಡೆ, ಹೇಮಾವತಿ ಹೆಗ್ಗಡೆ, ಹರ್ಷೇಂದ್ರ ಕುಮಾರ್ ಮತ್ತು ಕುಟುಂಬ ಸದಸ್ಯರು ಭಾಗವಹಿಸಿದ್ದರು. ಸಭೆಯನ್ನುದ್ದೇಶಿಸಿ ಮಾತನಾಡಿದ ಡಾ. ವೀರೇಂದ್ರ ಹೆಗ್ಗಡೆ ಅವರು, ಧರ್ಮಸ್ಥಳ ಪ್ರಕರಣದಲ್ಲಿ ವಿಶೇಷ ತನಿಖಾ ತಂಡ (ಎಸ್‌ಐಟಿ) ರಚಿಸಿದ್ದಕ್ಕಾಗಿ ರಾಜ್ಯ ಸರ್ಕಾರಕ್ಕೆ ನಾನು ಧನ್ಯವಾದ ಹೇಳುತ್ತೇನೆ, ಇದರಿಂದಾಗಿ ಸತ್ಯ ಹೊರಬರುತ್ತಿದೆ. ನಾನು ಹಲವಾರು

ಪುಸ್ತಕಗಳನ್ನು ಓದುತ್ತಿದ್ದೇನೆ. ಸೇವೆ ಮತ್ತು ಧರ್ಮ ನಮ್ಮ ಆದ್ಯತೆ ಎಂದು ಹೇಳಿದ

ಸಿದ್ದಗಂಗಾ ಶ್ರೀಗಳ ಪುಸ್ತಕಗಳನ್ನು ನಾನು ಓದಿದ್ದೇನೆ. ಏನೂ ತಪ್ಪು ಮಾಡಿದಿದ್ದರೂ ನಮ್ಮ ಮೇಲೆ ಇಷ್ಟೊಂದು ದ್ವೇಷ ಮತ್ತು ಆರೋಪಗಳು ಏಕೆ ಎಂಬುದು ನನಗೆ ಅರ್ಥವಾಗುತ್ತಿಲ್ಲ. ನಾವು ಸೇವೆಯನ್ನು ನೀಡುತ್ತಿದ್ದೇವೆ ಮತ್ತು ಈ ನಿಸ್ವಾರ್ಥ ಸೇವೆಯೇ ನಮ್ಮನ್ನು ಆರೋಗ್ಯವಾಗಿಟ್ಟಿದೆ. ಧರ್ಮಸ್ಥಳ ಮತ್ತು ಧರ್ಮಸ್ಥಳದ ಗ್ರಾಮಸ್ಥರು ಪ್ರತ್ಯೇಕವಾಗಿಲ್ಲ ಎಂದು ಹೇಳಿದರು. ಇಷ್ಟು ವರ್ಷ ನಾವು ಆರೋಗ್ಯವಾಗಿರಲು

ನಮ್ಮ ನಿಸ್ವಾರ್ಥ ಸೇವೆಯೇ ಕಾರಣ. ನಮ್ಮ ಎಲ್ಲಾ ಕಾರ್ಯಕ್ರಮಗಳನ್ನು ನೀವು ಎಲ್ಲರೂ ಗಮನಿಸಿದ್ದೀರಿ. ನಾವು ಇಲ್ಲಿ ನಿಮಿತ್ತ ಮಾತ್ರ, ಆದರೆ, ಮುಂದುವರೆಸಿಕೊಂಡು ಹೋಗಿದ್ದು ಅದಕ್ಕೆ ಸಂಬಂಧಪಟ್ಟ ಇಲಾಖೆಯವರು. ಕೆಲವರು ಪ್ರೀತಿಯಲ್ಲಿ ಟೀಕೆ ಮಾಡಿದ್ದರು. ಇವರ ಹಾಗೆ ಟೀಕೆ ಮಾಡಿಲ್ಲ. ನಿಮಗೆ ನಾನು ಎಷ್ಟು ಕೃತಜ್ಞತೆ ಸಲ್ಲಿಸಿದ್ರೂ ಕಡಿಮೆಯೇ. ಧರ್ಮಸ್ಥಳ ಬೇರೆ, ಧರ್ಮಸ್ಥಳದ ಊರಿನವರು ಬೇರೆ ಅಲ್ಲ. ಎಷ್ಟು ನಿಷ್ಠುರವಾಗಿ

ನಮ್ಮ ಮೇಲೆ ದಬ್ಬಾಳಿಕೆ ನಡೆದಿದೆ ಎಂದು ನೀವು ನೋಡಿದ್ದೀರಿ. ಯಾಕೆ ಇಷ್ಟು ದ್ವೇಷ ನನ್ನ ಮೇಲೆ ಇದೆ ಎಂದು ನನಗೆ ಗೊತ್ತಾಗಿಲ್ಲ. ಈಗ ಮನಸ್ಸು ಸ್ವಲ್ಪ ಹಗುರವಾಗಿದೆ, ಎತ್ತರದ ಬೆಟ್ಟದಿಂದ ನೀರು ಹರಿದಿದೆ ಎಂದು ಭಾವುಕರಾದರು. ನಮ್ಮ ಮೇಲೆ ದೃಢವಾದ ನಂಬಿಕೆ ಇಟ್ಟ ಎಲ್ಲರಿಗೂ ನಾನು ಆಭಾರಿ. ಈಗಾಗಲೇ ಲಕ್ಷಾಂತರ ಜನರು ಇಲ್ಲಿಗೆ ಬಂದು ಹೋಗಿದ್ದಾರೆ ನಿಮ್ಮ ಧರ್ಮ ಸೋತರೆ, ನಮ್ಮ ಧರ್ಮ ಸೋತ ಹಾಗೆ ಅಂತ ಹೇಳಿದ್ದಾರೆ.
